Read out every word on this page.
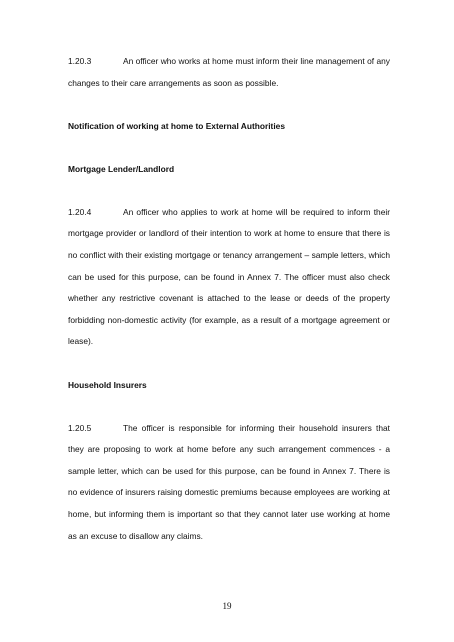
1.20.3	An officer who works at home must inform their line management of any changes to their care arrangements as soon as possible.

Notification of working at home to External Authorities

Mortgage Lender/Landlord

1.20.4	An officer who applies to work at home will be required to inform their mortgage provider or landlord of their intention to work at home to ensure that there is no conflict with their existing mortgage or tenancy arrangement – sample letters, which can be used for this purpose, can be found in Annex 7. The officer must also check whether any restrictive covenant is attached to the lease or deeds of the property forbidding non-domestic activity (for example, as a result of a mortgage agreement or lease).

Household Insurers

1.20.5	The officer is responsible for informing their household insurers that they are proposing to work at home before any such arrangement commences - a sample letter, which can be used for this purpose, can be found in Annex 7. There is no evidence of insurers raising domestic premiums because employees are working at home, but informing them is important so that they cannot later use working at home as an excuse to disallow any claims.

19
